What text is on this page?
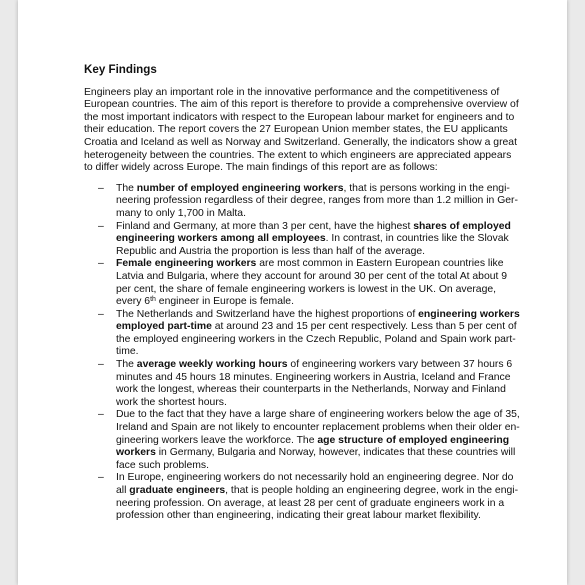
Key Findings
Engineers play an important role in the innovative performance and the competitiveness of European countries. The aim of this report is therefore to provide a comprehensive overview of the most important indicators with respect to the European labour market for engineers and to their education. The report covers the 27 European Union member states, the EU applicants Croatia and Iceland as well as Norway and Switzerland. Generally, the indicators show a great heterogeneity between the countries. The extent to which engineers are appreciated appears to differ widely across Europe. The main findings of this report are as follows:
– The number of employed engineering workers, that is persons working in the engineering profession regardless of their degree, ranges from more than 1.2 million in Germany to only 1,700 in Malta.
– Finland and Germany, at more than 3 per cent, have the highest shares of employed engineering workers among all employees. In contrast, in countries like the Slovak Republic and Austria the proportion is less than half of the average.
– Female engineering workers are most common in Eastern European countries like Latvia and Bulgaria, where they account for around 30 per cent of the total At about 9 per cent, the share of female engineering workers is lowest in the UK. On average, every 6th engineer in Europe is female.
– The Netherlands and Switzerland have the highest proportions of engineering workers employed part-time at around 23 and 15 per cent respectively. Less than 5 per cent of the employed engineering workers in the Czech Republic, Poland and Spain work part-time.
– The average weekly working hours of engineering workers vary between 37 hours 6 minutes and 45 hours 18 minutes. Engineering workers in Austria, Iceland and France work the longest, whereas their counterparts in the Netherlands, Norway and Finland work the shortest hours.
– Due to the fact that they have a large share of engineering workers below the age of 35, Ireland and Spain are not likely to encounter replacement problems when their older engineering workers leave the workforce. The age structure of employed engineering workers in Germany, Bulgaria and Norway, however, indicates that these countries will face such problems.
– In Europe, engineering workers do not necessarily hold an engineering degree. Nor do all graduate engineers, that is people holding an engineering degree, work in the engineering profession. On average, at least 28 per cent of graduate engineers work in a profession other than engineering, indicating their great labour market flexibility.
